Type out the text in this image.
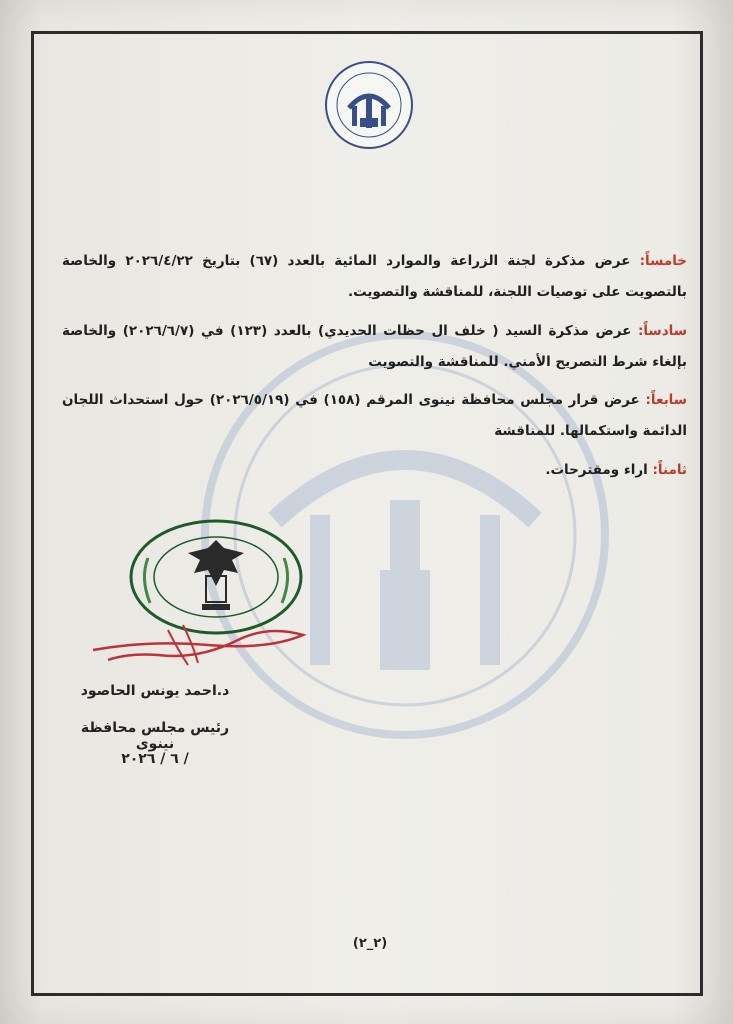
خامساً: عرض مذكرة لجنة الزراعة والموارد المائية بالعدد (٦٧) بتاريخ ٢٠٢٦/٤/٢٢ والخاصة بالتصويت على توصيات اللجنة، للمناقشة والتصويت.
سادساً: عرض مذكرة السيد ( خلف ال حظات الحديدي) بالعدد (١٢٣) في (٢٠٢٦/٦/٧) والخاصة بإلغاء شرط التصريح الأمني. للمناقشة والتصويت
سابعاً: عرض قرار مجلس محافظة نينوى المرقم (١٥٨) في (٢٠٢٦/٥/١٩) حول استحداث اللجان الدائمة واستكمالها. للمناقشة
ثامناً: اراء ومقترحات.
د.احمد يونس الحاصود
رئيس مجلس محافظة نينوى
/ ٦ / ٢٠٢٦
(٢_٢)
